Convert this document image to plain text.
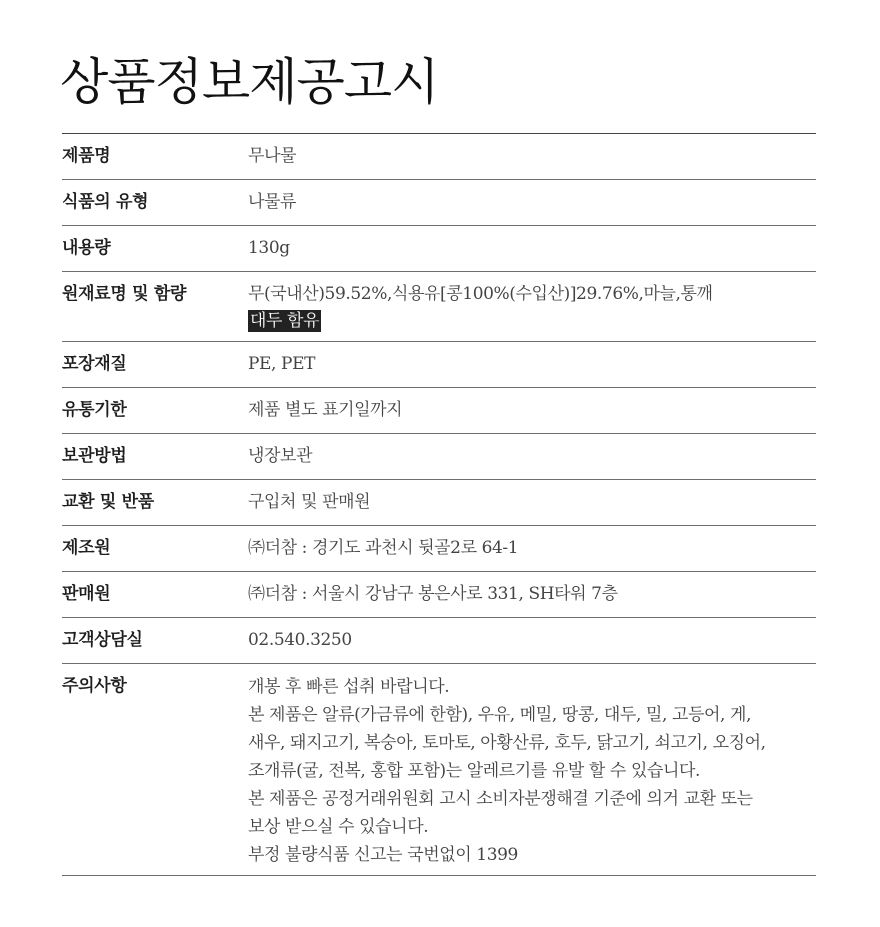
상품정보제공고시
제품명	무나물
식품의 유형	나물류
내용량	130g
원재료명 및 함량	무(국내산)59.52%,식용유[콩100%(수입산)]29.76%,마늘,통깨
대두 함유
포장재질	PE, PET
유통기한	제품 별도 표기일까지
보관방법	냉장보관
교환 및 반품	구입처 및 판매원
제조원	㈜더참 : 경기도 과천시 뒷골2로 64-1
판매원	㈜더참 : 서울시 강남구 봉은사로 331, SH타워 7층
고객상담실	02.540.3250
주의사항	개봉 후 빠른 섭취 바랍니다.
본 제품은 알류(가금류에 한함), 우유, 메밀, 땅콩, 대두, 밀, 고등어, 게,
새우, 돼지고기, 복숭아, 토마토, 아황산류, 호두, 닭고기, 쇠고기, 오징어,
조개류(굴, 전복, 홍합 포함)는 알레르기를 유발 할 수 있습니다.
본 제품은 공정거래위원회 고시 소비자분쟁해결 기준에 의거 교환 또는
보상 받으실 수 있습니다.
부정 불량식품 신고는 국번없이 1399
